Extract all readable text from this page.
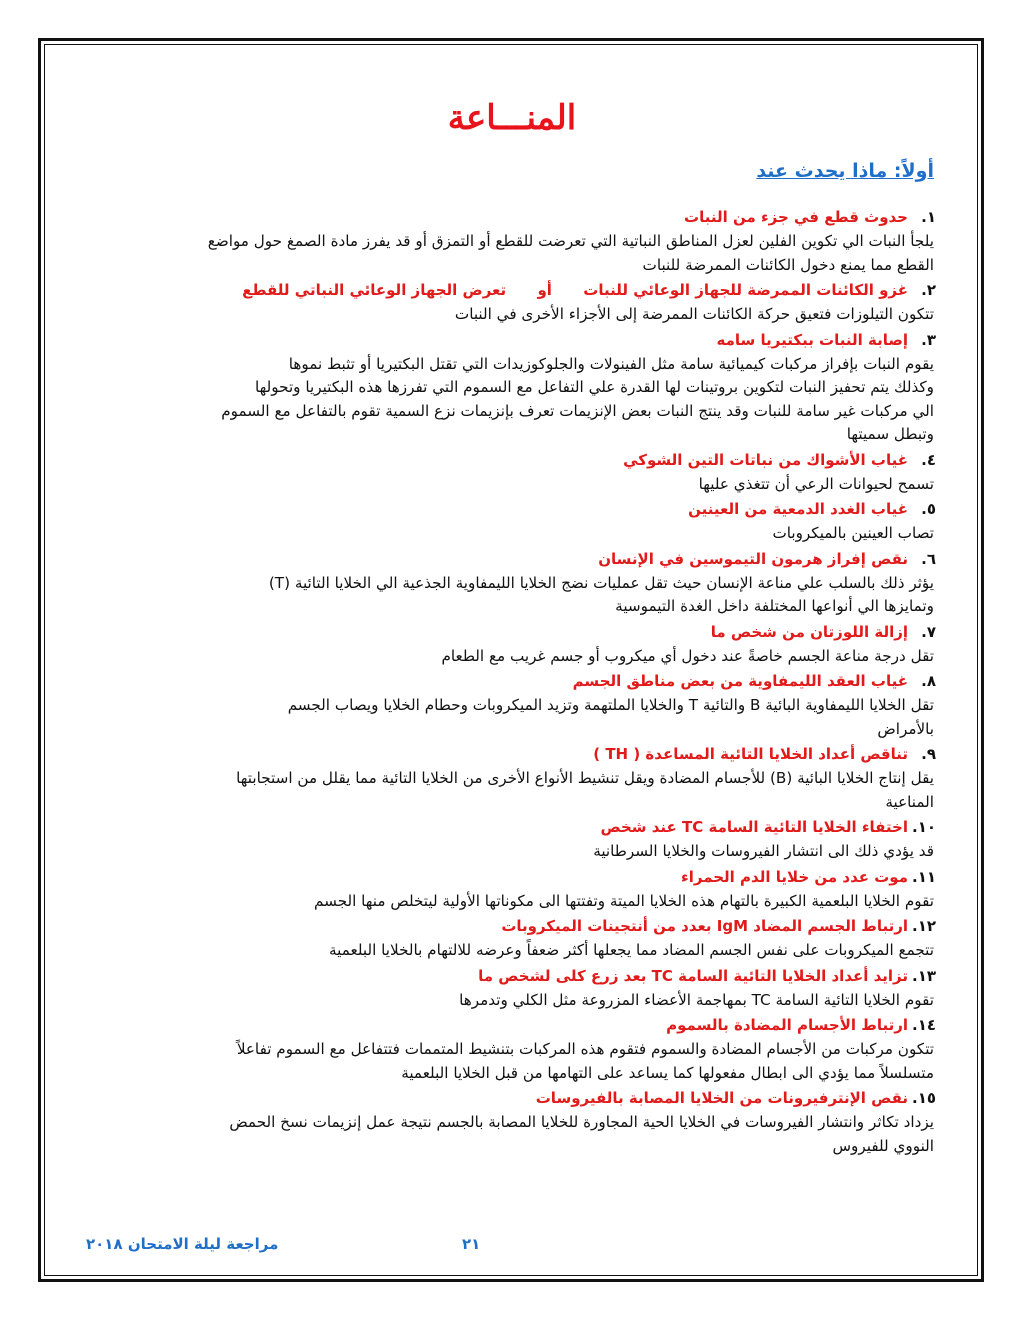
المنـــاعة
أولاً: ماذا يحدث عند
١.حدوث قطع في جزء من النبات
يلجأ النبات الي تكوين الفلين لعزل المناطق النباتية التي تعرضت للقطع أو التمزق أو قد يفرز مادة الصمغ حول مواضع
القطع مما يمنع دخول الكائنات الممرضة للنبات
٢.غزو الكائنات الممرضة للجهاز الوعائي للنبات      أو      تعرض الجهاز الوعائي النباتي للقطع
تتكون التيلوزات فتعيق حركة الكائنات الممرضة إلى الأجزاء الأخرى في النبات
٣.إصابة النبات ببكتيريا سامه
يقوم النبات بإفراز مركبات كيميائية سامة مثل الفينولات والجلوكوزيدات التي تقتل البكتيريا أو تثبط نموها
وكذلك يتم تحفيز النبات لتكوين بروتينات لها القدرة علي التفاعل مع السموم التي تفرزها هذه البكتيريا وتحولها
الي مركبات غير سامة للنبات وقد ينتج النبات بعض الإنزيمات تعرف بإنزيمات نزع السمية تقوم بالتفاعل مع السموم
وتبطل سميتها
٤.غياب الأشواك من نباتات التين الشوكي
تسمح لحيوانات الرعي أن تتغذي عليها
٥.غياب الغدد الدمعية من العينين
تصاب العينين بالميكروبات
٦.نقص إفراز هرمون التيموسين في الإنسان
يؤثر ذلك بالسلب علي مناعة الإنسان حيث تقل عمليات نضج الخلايا الليمفاوية الجذعية الي الخلايا التائية (T)
وتمايزها الي أنواعها المختلفة داخل الغدة التيموسية
٧.إزالة اللوزتان من شخص ما
تقل درجة مناعة الجسم خاصةً عند دخول أي ميكروب أو جسم غريب مع الطعام
٨.غياب العقد الليمفاوية من بعض مناطق الجسم
تقل الخلايا الليمفاوية البائية B والتائية T والخلايا الملتهمة وتزيد الميكروبات وحطام الخلايا ويصاب الجسم
بالأمراض
٩.تناقص أعداد الخلايا التائية المساعدة ( TH )
يقل إنتاج الخلايا البائية (B) للأجسام المضادة ويقل تنشيط الأنواع الأخرى من الخلايا التائية مما يقلل من استجابتها
المناعية
١٠.اختفاء الخلايا التائية السامة TC عند شخص
قد يؤدي ذلك الى انتشار الفيروسات والخلايا السرطانية
١١.موت عدد من خلايا الدم الحمراء
تقوم الخلايا البلعمية الكبيرة بالتهام هذه الخلايا الميتة وتفتتها الى مكوناتها الأولية ليتخلص منها الجسم
١٢.ارتباط الجسم المضاد IgM بعدد من أنتجينات الميكروبات
تتجمع الميكروبات على نفس الجسم المضاد مما يجعلها أكثر ضعفاً وعرضه للالتهام بالخلايا البلعمية
١٣.تزايد أعداد الخلايا التائية السامة TC بعد زرع كلى لشخص ما
تقوم الخلايا التائية السامة TC بمهاجمة الأعضاء المزروعة مثل الكلي وتدمرها
١٤.ارتباط الأجسام المضادة بالسموم
تتكون مركبات من الأجسام المضادة والسموم فتقوم هذه المركبات بتنشيط المتممات فتتفاعل مع السموم تفاعلاً
متسلسلاً مما يؤدي الى ابطال مفعولها كما يساعد على التهامها من قبل الخلايا البلعمية
١٥.نقص الإنترفيرونات من الخلايا المصابة بالفيروسات
يزداد تكاثر وانتشار الفيروسات في الخلايا الحية المجاورة للخلايا المصابة بالجسم نتيجة عمل إنزيمات نسخ الحمض
النووي للفيروس
مراجعة ليلة الامتحان ٢٠١٨	٢١
